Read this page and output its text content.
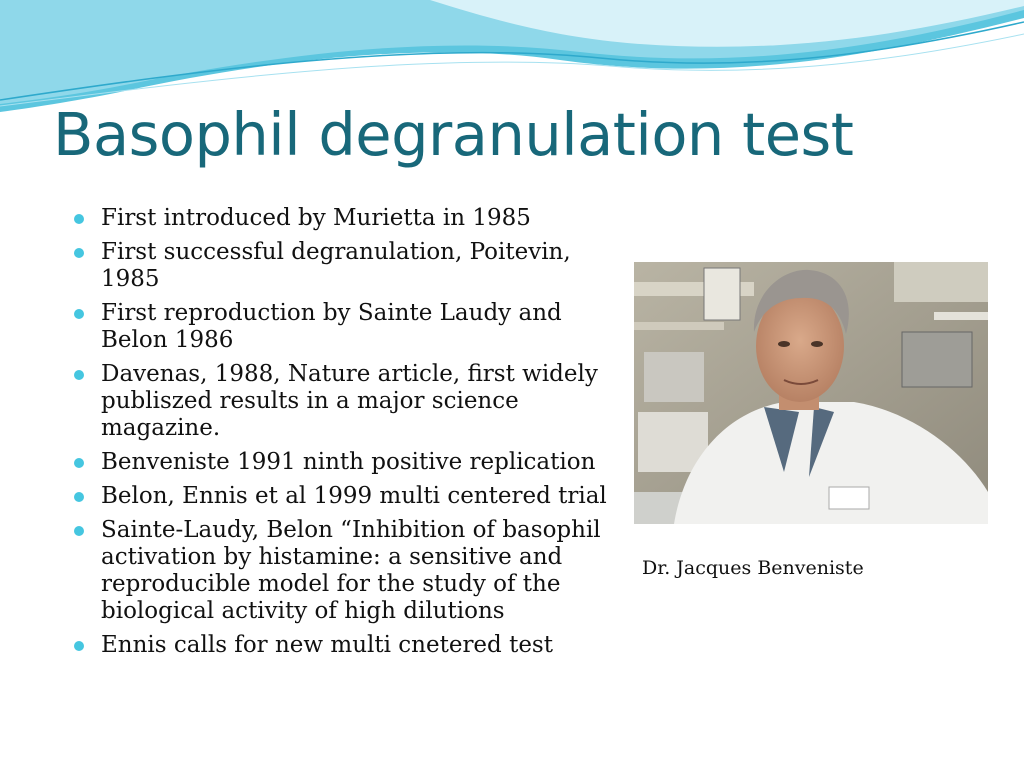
Basophil degranulation test
First introduced by Murietta in 1985
First successful degranulation, Poitevin, 1985
First reproduction by Sainte Laudy and Belon 1986
Davenas, 1988, Nature article, first widely publiszed results in a major science magazine.
Benveniste 1991 ninth positive replication
Belon, Ennis et al 1999 multi centered trial
Sainte-Laudy, Belon “Inhibition of basophil activation by histamine: a sensitive and reproducible model for the study of the biological activity of high dilutions
Ennis calls for new multi cnetered test
Dr. Jacques Benveniste
